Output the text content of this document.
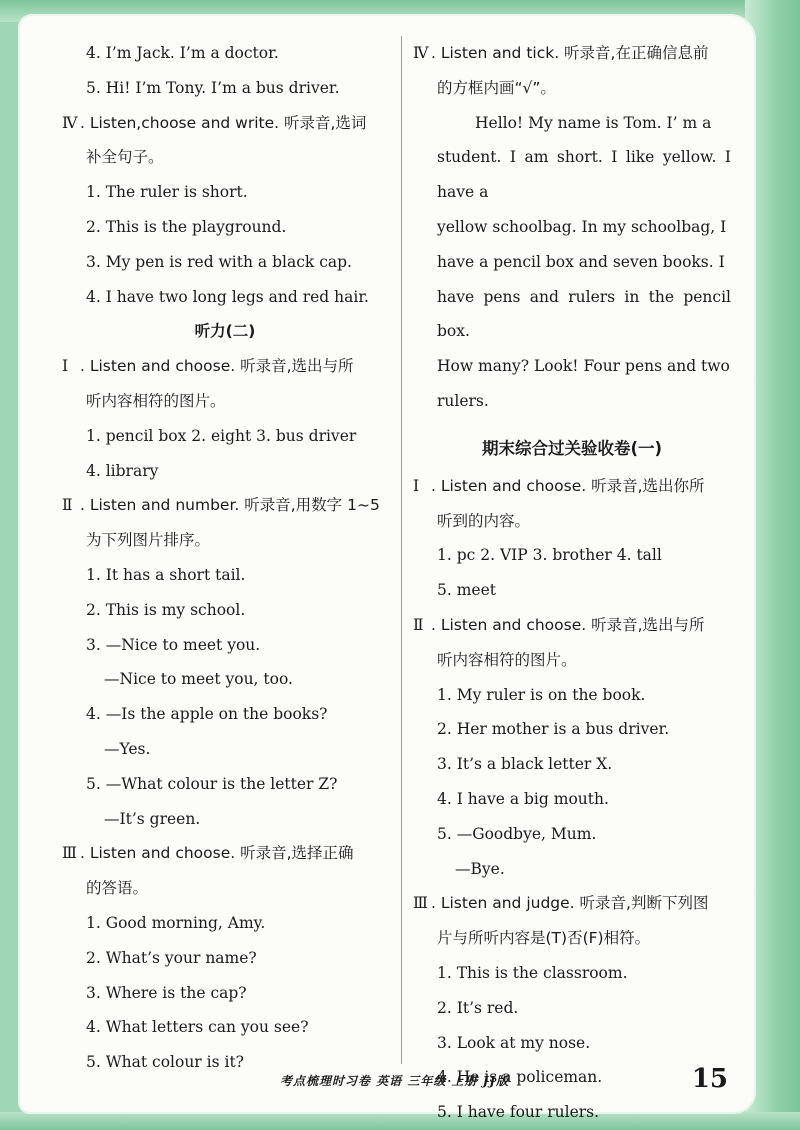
4. I’m Jack. I’m a doctor.
5. Hi! I’m Tony. I’m a bus driver.
Ⅳ . Listen,choose and write. 听录音,选词
补全句子。
1. The ruler is short.
2. This is the playground.
3. My pen is red with a black cap.
4. I have two long legs and red hair.
听力(二)
Ⅰ . Listen and choose. 听录音,选出与所
听内容相符的图片。
1. pencil box 2. eight 3. bus driver
4. library
Ⅱ . Listen and number. 听录音,用数字 1~5
为下列图片排序。
1. It has a short tail.
2. This is my school.
3. —Nice to meet you.
—Nice to meet you, too.
4. —Is the apple on the books?
—Yes.
5. —What colour is the letter Z?
—It’s green.
Ⅲ . Listen and choose. 听录音,选择正确
的答语。
1. Good morning, Amy.
2. What’s your name?
3. Where is the cap?
4. What letters can you see?
5. What colour is it?
Ⅳ . Listen and tick. 听录音,在正确信息前
的方框内画“√”。
Hello! My name is Tom. I’ m a
student. I am short. I like yellow. I have a
yellow schoolbag. In my schoolbag, I
have a pencil box and seven books. I
have pens and rulers in the pencil box.
How many? Look! Four pens and two
rulers.
期末综合过关验收卷(一)
Ⅰ . Listen and choose. 听录音,选出你所
听到的内容。
1. pc 2. VIP 3. brother 4. tall
5. meet
Ⅱ . Listen and choose. 听录音,选出与所
听内容相符的图片。
1. My ruler is on the book.
2. Her mother is a bus driver.
3. It’s a black letter X.
4. I have a big mouth.
5. —Goodbye, Mum.
—Bye.
Ⅲ . Listen and judge. 听录音,判断下列图
片与所听内容是(T)否(F)相符。
1. This is the classroom.
2. It’s red.
3. Look at my nose.
4. He is a policeman.
5. I have four rulers.
考点梳理时习卷 英语 三年级 上册 JJ版	15
